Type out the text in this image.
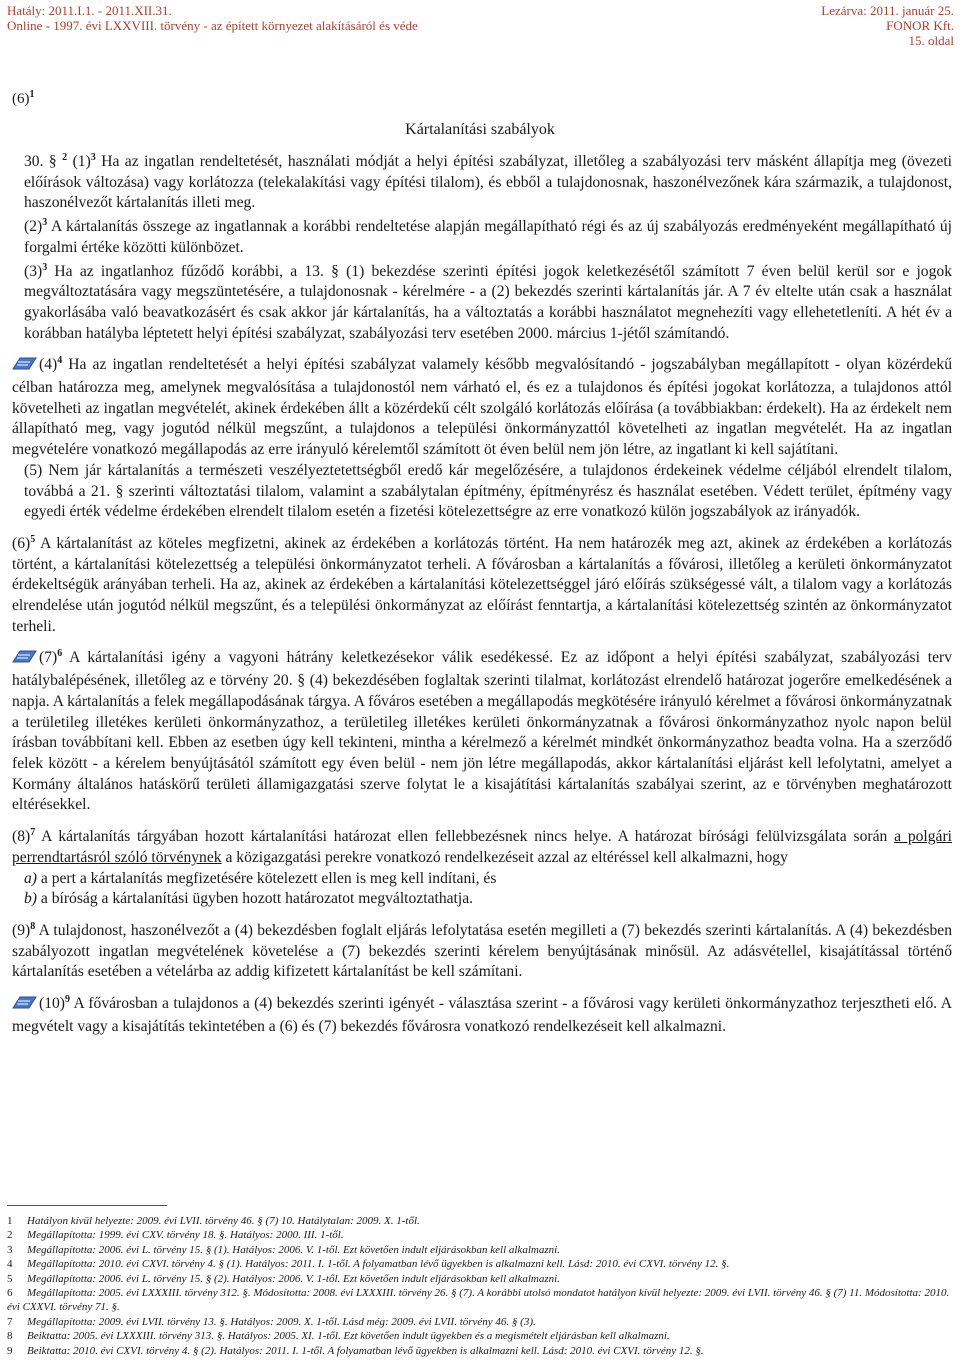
Hatály: 2011.I.1. - 2011.XII.31.
Online - 1997. évi LXXVIII. törvény - az épített környezet alakításáról és véde
Lezárva: 2011. január 25.
FONOR Kft.
15. oldal
$(6)^1$
Kártalanítási szabályok

30. § $^2$ $(1)^3$ Ha az ingatlan rendeltetését, használati módját a helyi építési szabályzat, illetőleg a szabályozási terv másként állapítja meg (övezeti előírások változása) vagy korlátozza (telekalakítási vagy építési tilalom), és ebből a tulajdonosnak, haszonélvezőnek kára származik, a tulajdonost, haszonélvezőt kártalanítás illeti meg.

$(2)^3$ A kártalanítás összege az ingatlannak a korábbi rendeltetése alapján megállapítható régi és az új szabályozás eredményeként megállapítható új forgalmi értéke közötti különbözet.

$(3)^3$ Ha az ingatlanhoz fűződő korábbi, a 13. § (1) bekezdése szerinti építési jogok keletkezésétől számított 7 éven belül kerül sor e jogok megváltoztatására vagy megszüntetésére, a tulajdonosnak - kérelmére - a (2) bekezdés szerinti kártalanítás jár. A 7 év eltelte után csak a használat gyakorlásába való beavatkozásért és csak akkor jár kártalanítás, ha a változtatás a korábbi használatot megnehezíti vagy ellehetetleníti. A hét év a korábban hatályba léptetett helyi építési szabályzat, szabályozási terv esetében 2000. március 1-jétől számítandó.

$(4)^4$ Ha az ingatlan rendeltetését a helyi építési szabályzat valamely később megvalósítandó - jogszabályban megállapított - olyan közérdekű célban határozza meg, amelynek megvalósítása a tulajdonostól nem várható el, és ez a tulajdonos és építési jogokat korlátozza, a tulajdonos attól követelheti az ingatlan megvételét, akinek érdekében állt a közérdekű célt szolgáló korlátozás előírása (a továbbiakban: érdekelt). Ha az érdekelt nem állapítható meg, vagy jogutód nélkül megszűnt, a tulajdonos a települési önkormányzattól követelheti az ingatlan megvételét. Ha az ingatlan megvételére vonatkozó megállapodás az erre irányuló kérelemtől számított öt éven belül nem jön létre, az ingatlant ki kell sajátítani.

(5) Nem jár kártalanítás a természeti veszélyeztetettségből eredő kár megelőzésére, a tulajdonos érdekeinek védelme céljából elrendelt tilalom, továbbá a 21. § szerinti változtatási tilalom, valamint a szabálytalan építmény, építményrész és használat esetében. Védett terület, építmény vagy egyedi érték védelme érdekében elrendelt tilalom esetén a fizetési kötelezettségre az erre vonatkozó külön jogszabályok az irányadók.

$(6)^5$ A kártalanítást az köteles megfizetni, akinek az érdekében a korlátozás történt. Ha nem határozék meg azt, akinek az érdekében a korlátozás történt, a kártalanítási kötelezettség a települési önkormányzatot terheli. A fővárosban a kártalanítás a fővárosi, illetőleg a kerületi önkormányzatot érdekeltségük arányában terheli. Ha az, akinek az érdekében a kártalanítási kötelezettséggel járó előírás szükségessé vált, a tilalom vagy a korlátozás elrendelése után jogutód nélkül megszűnt, és a települési önkormányzat az előírást fenntartja, a kártalanítási kötelezettség szintén az önkormányzatot terheli.

$(7)^6$ A kártalanítási igény a vagyoni hátrány keletkezésekor válik esedékessé. Ez az időpont a helyi építési szabályzat, szabályozási terv hatálybalépésének, illetőleg az e törvény 20. § (4) bekezdésében foglaltak szerinti tilalmat, korlátozást elrendelő határozat jogerőre emelkedésének a napja. A kártalanítás a felek megállapodásának tárgya. A főváros esetében a megállapodás megkötésére irányuló kérelmet a fővárosi önkormányzatnak a területileg illetékes kerületi önkormányzathoz, a területileg illetékes kerületi önkormányzatnak a fővárosi önkormányzathoz nyolc napon belül írásban továbbítani kell. Ebben az esetben úgy kell tekinteni, mintha a kérelmező a kérelmét mindkét önkormányzathoz beadta volna. Ha a szerződő felek között - a kérelem benyújtásától számított egy éven belül - nem jön létre megállapodás, akkor kártalanítási eljárást kell lefolytatni, amelyet a Kormány általános hatáskörű területi államigazgatási szerve folytat le a kisajátítási kártalanítás szabályai szerint, az e törvényben meghatározott eltérésekkel.

$(8)^7$ A kártalanítás tárgyában hozott kártalanítási határozat ellen fellebbezésnek nincs helye. A határozat bírósági felülvizsgálata során a polgári perrendtartásról szóló törvénynek a közigazgatási perekre vonatkozó rendelkezéseit azzal az eltéréssel kell alkalmazni, hogy

a) a pert a kártalanítás megfizetésére kötelezett ellen is meg kell indítani, és

b) a bíróság a kártalanítási ügyben hozott határozatot megváltoztathatja.

$(9)^8$ A tulajdonost, haszonélvezőt a (4) bekezdésben foglalt eljárás lefolytatása esetén megilleti a (7) bekezdés szerinti kártalanítás. A (4) bekezdésben szabályozott ingatlan megvételének követelése a (7) bekezdés szerinti kérelem benyújtásának minősül. Az adásvétellel, kisajátítással történő kártalanítás esetében a vételárba az addig kifizetett kártalanítást be kell számítani.

$(10)^9$ A fővárosban a tulajdonos a (4) bekezdés szerinti igényét - választása szerint - a fővárosi vagy kerületi önkormányzathoz terjesztheti elő. A megvételt vagy a kisajátítás tekintetében a (6) és (7) bekezdés fővárosra vonatkozó rendelkezéseit kell alkalmazni.

1 Hatályon kívül helyezte: 2009. évi LVII. törvény 46. § (7) 10. Hatálytalan: 2009. X. 1-től.
2 Megállapította: 1999. évi CXV. törvény 18. §. Hatályos: 2000. III. 1-től.
3 Megállapította: 2006. évi L. törvény 15. § (1). Hatályos: 2006. V. 1-től. Ezt követően indult eljárásokban kell alkalmazni.
4 Megállapította: 2010. évi CXVI. törvény 4. § (1). Hatályos: 2011. I. 1-től. A folyamatban lévő ügyekben is alkalmazni kell. Lásd: 2010. évi CXVI. törvény 12. §.
5 Megállapította: 2006. évi L. törvény 15. § (2). Hatályos: 2006. V. 1-től. Ezt követően indult eljárásokban kell alkalmazni.
6 Megállapította: 2005. évi LXXXIII. törvény 312. §. Módosította: 2008. évi LXXXIII. törvény 26. § (7). A korábbi utolsó mondatot hatályon kívül helyezte: 2009. évi LVII. törvény 46. § (7) 11. Módosította: 2010. évi CXXVI. törvény 71. §.
7 Megállapította: 2009. évi LVII. törvény 13. §. Hatályos: 2009. X. 1-től. Lásd még: 2009. évi LVII. törvény 46. § (3).
8 Beiktatta: 2005. évi LXXXIII. törvény 313. §. Hatályos: 2005. XI. 1-től. Ezt követően indult ügyekben és a megismételt eljárásban kell alkalmazni.
9 Beiktatta: 2010. évi CXVI. törvény 4. § (2). Hatályos: 2011. I. 1-től. A folyamatban lévő ügyekben is alkalmazni kell. Lásd: 2010. évi CXVI. törvény 12. §.
